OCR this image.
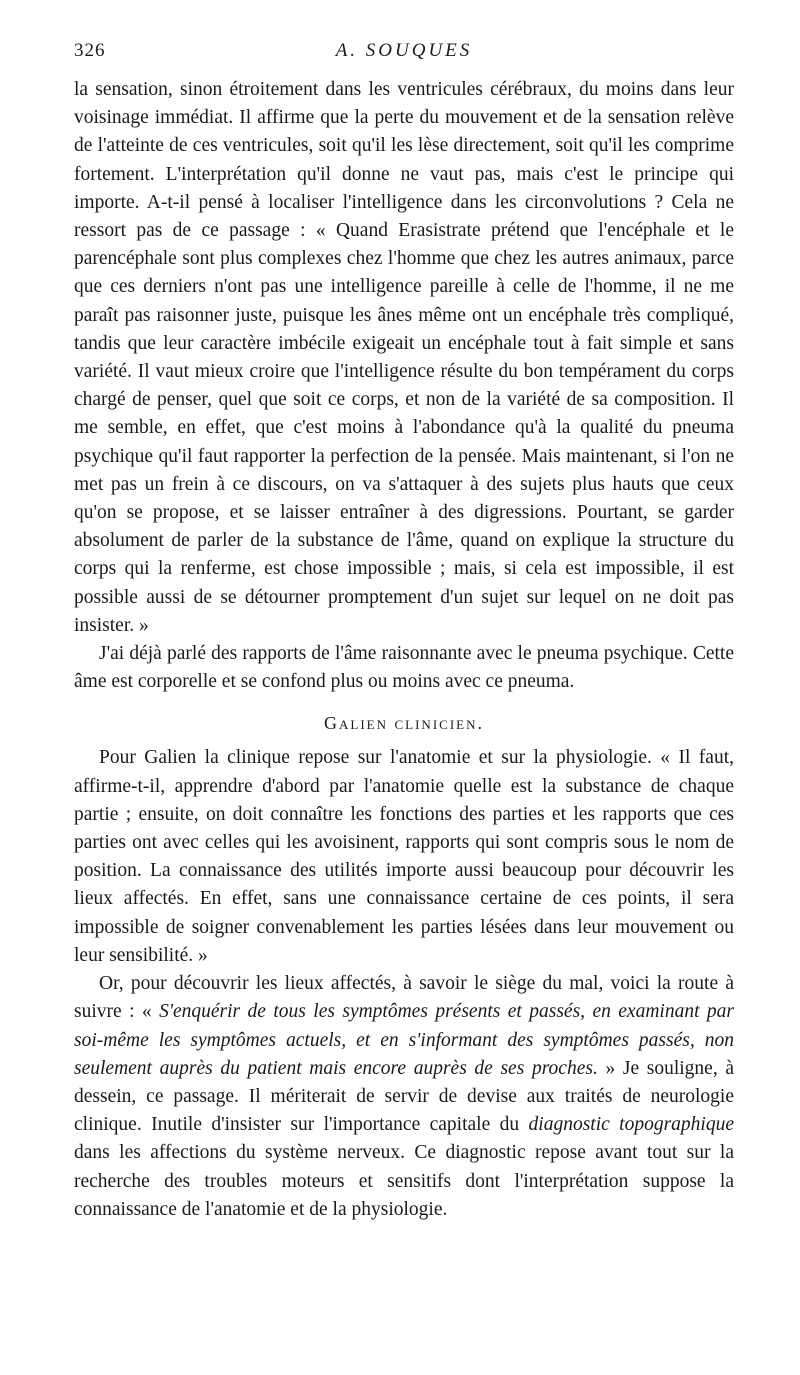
326	A. SOUQUES

la sensation, sinon étroitement dans les ventricules cérébraux, du moins dans leur voisinage immédiat. Il affirme que la perte du mouvement et de la sensation relève de l'atteinte de ces ventricules, soit qu'il les lèse directement, soit qu'il les comprime fortement. L'interprétation qu'il donne ne vaut pas, mais c'est le principe qui importe. A-t-il pensé à localiser l'intelligence dans les circonvolutions ? Cela ne ressort pas de ce passage : « Quand Erasistrate prétend que l'encéphale et le parencéphale sont plus complexes chez l'homme que chez les autres animaux, parce que ces derniers n'ont pas une intelligence pareille à celle de l'homme, il ne me paraît pas raisonner juste, puisque les ânes même ont un encéphale très compliqué, tandis que leur caractère imbécile exigeait un encéphale tout à fait simple et sans variété. Il vaut mieux croire que l'intelligence résulte du bon tempérament du corps chargé de penser, quel que soit ce corps, et non de la variété de sa composition. Il me semble, en effet, que c'est moins à l'abondance qu'à la qualité du pneuma psychique qu'il faut rapporter la perfection de la pensée. Mais maintenant, si l'on ne met pas un frein à ce discours, on va s'attaquer à des sujets plus hauts que ceux qu'on se propose, et se laisser entraîner à des digressions. Pourtant, se garder absolument de parler de la substance de l'âme, quand on explique la structure du corps qui la renferme, est chose impossible ; mais, si cela est impossible, il est possible aussi de se détourner promptement d'un sujet sur lequel on ne doit pas insister. »

J'ai déjà parlé des rapports de l'âme raisonnante avec le pneuma psychique. Cette âme est corporelle et se confond plus ou moins avec ce pneuma.

Galien clinicien.

Pour Galien la clinique repose sur l'anatomie et sur la physiologie. « Il faut, affirme-t-il, apprendre d'abord par l'anatomie quelle est la substance de chaque partie ; ensuite, on doit connaître les fonctions des parties et les rapports que ces parties ont avec celles qui les avoisinent, rapports qui sont compris sous le nom de position. La connaissance des utilités importe aussi beaucoup pour découvrir les lieux affectés. En effet, sans une connaissance certaine de ces points, il sera impossible de soigner convenablement les parties lésées dans leur mouvement ou leur sensibilité. »

Or, pour découvrir les lieux affectés, à savoir le siège du mal, voici la route à suivre : « S'enquérir de tous les symptômes présents et passés, en examinant par soi-même les symptômes actuels, et en s'informant des symptômes passés, non seulement auprès du patient mais encore auprès de ses proches. » Je souligne, à dessein, ce passage. Il mériterait de servir de devise aux traités de neurologie clinique. Inutile d'insister sur l'importance capitale du diagnostic topographique dans les affections du système nerveux. Ce diagnostic repose avant tout sur la recherche des troubles moteurs et sensitifs dont l'interprétation suppose la connaissance de l'anatomie et de la physiologie.
